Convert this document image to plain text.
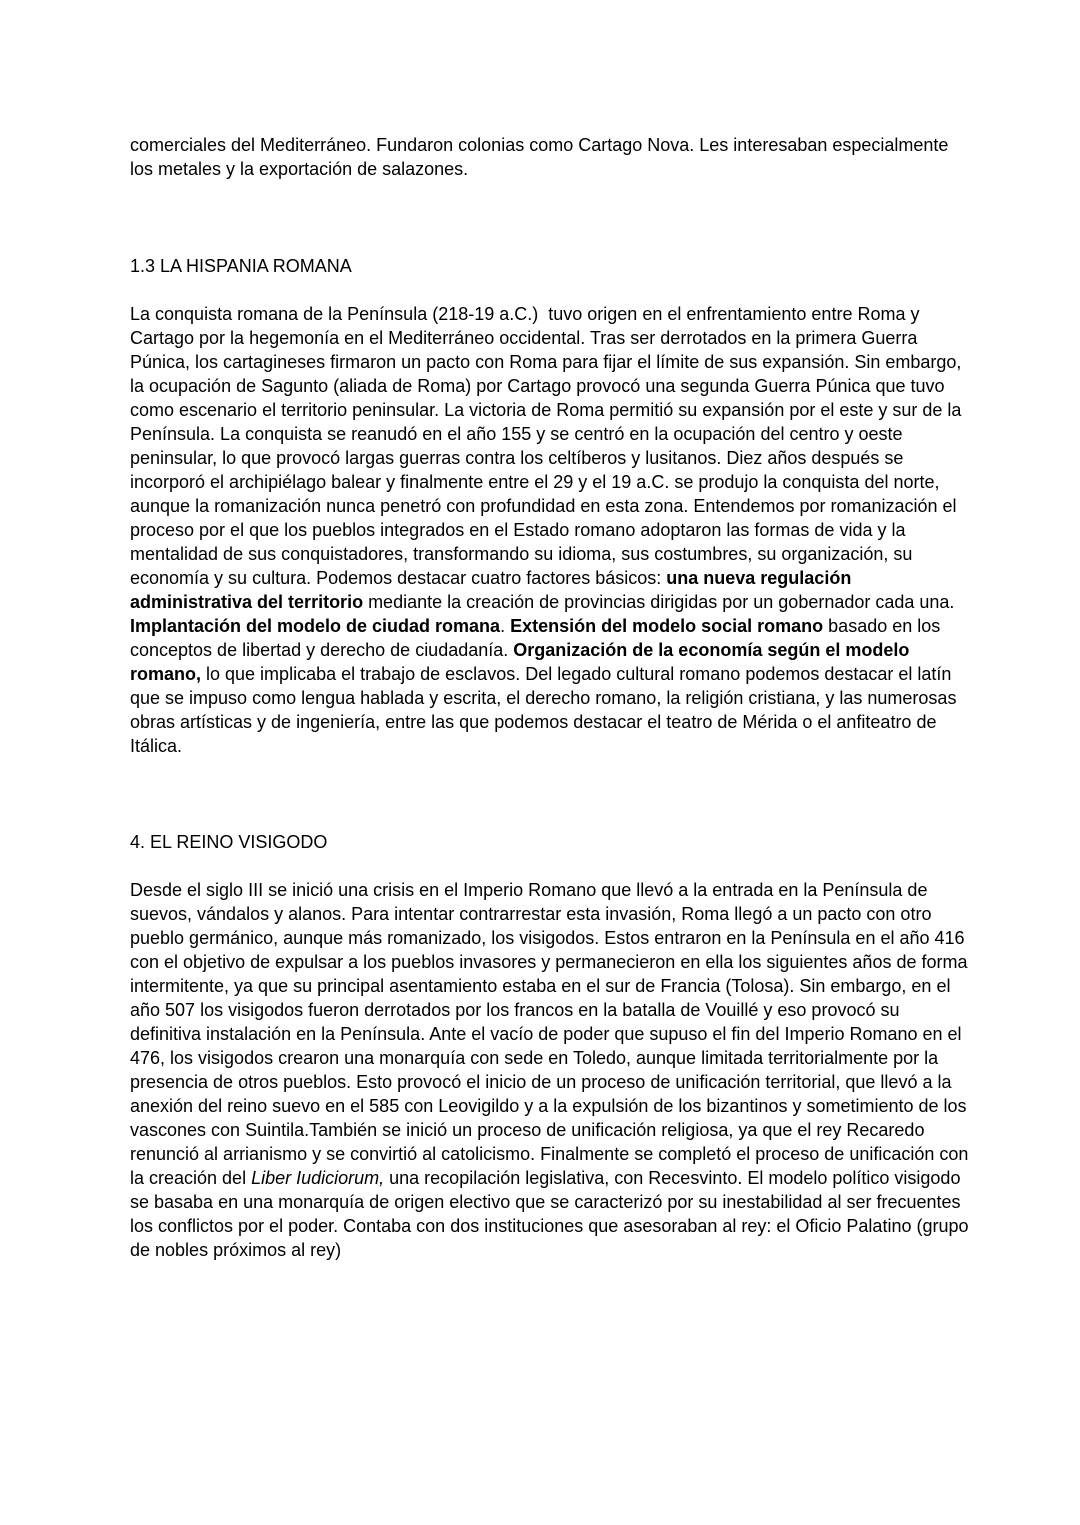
comerciales del Mediterráneo. Fundaron colonias como Cartago Nova. Les interesaban especialmente los metales y la exportación de salazones.

1.3 LA HISPANIA ROMANA

La conquista romana de la Península (218-19 a.C.)  tuvo origen en el enfrentamiento entre Roma y Cartago por la hegemonía en el Mediterráneo occidental. Tras ser derrotados en la primera Guerra Púnica, los cartagineses firmaron un pacto con Roma para fijar el límite de sus expansión. Sin embargo, la ocupación de Sagunto (aliada de Roma) por Cartago provocó una segunda Guerra Púnica que tuvo como escenario el territorio peninsular. La victoria de Roma permitió su expansión por el este y sur de la Península. La conquista se reanudó en el año 155 y se centró en la ocupación del centro y oeste peninsular, lo que provocó largas guerras contra los celtíberos y lusitanos. Diez años después se incorporó el archipiélago balear y finalmente entre el 29 y el 19 a.C. se produjo la conquista del norte, aunque la romanización nunca penetró con profundidad en esta zona. Entendemos por romanización el proceso por el que los pueblos integrados en el Estado romano adoptaron las formas de vida y la mentalidad de sus conquistadores, transformando su idioma, sus costumbres, su organización, su economía y su cultura. Podemos destacar cuatro factores básicos: una nueva regulación administrativa del territorio mediante la creación de provincias dirigidas por un gobernador cada una. Implantación del modelo de ciudad romana. Extensión del modelo social romano basado en los conceptos de libertad y derecho de ciudadanía. Organización de la economía según el modelo romano, lo que implicaba el trabajo de esclavos. Del legado cultural romano podemos destacar el latín que se impuso como lengua hablada y escrita, el derecho romano, la religión cristiana, y las numerosas obras artísticas y de ingeniería, entre las que podemos destacar el teatro de Mérida o el anfiteatro de Itálica.

4. EL REINO VISIGODO

Desde el siglo III se inició una crisis en el Imperio Romano que llevó a la entrada en la Península de suevos, vándalos y alanos. Para intentar contrarrestar esta invasión, Roma llegó a un pacto con otro pueblo germánico, aunque más romanizado, los visigodos. Estos entraron en la Península en el año 416 con el objetivo de expulsar a los pueblos invasores y permanecieron en ella los siguientes años de forma intermitente, ya que su principal asentamiento estaba en el sur de Francia (Tolosa). Sin embargo, en el año 507 los visigodos fueron derrotados por los francos en la batalla de Vouillé y eso provocó su definitiva instalación en la Península. Ante el vacío de poder que supuso el fin del Imperio Romano en el 476, los visigodos crearon una monarquía con sede en Toledo, aunque limitada territorialmente por la presencia de otros pueblos. Esto provocó el inicio de un proceso de unificación territorial, que llevó a la anexión del reino suevo en el 585 con Leovigildo y a la expulsión de los bizantinos y sometimiento de los vascones con Suintila.También se inició un proceso de unificación religiosa, ya que el rey Recaredo renunció al arrianismo y se convirtió al catolicismo. Finalmente se completó el proceso de unificación con la creación del Liber Iudiciorum, una recopilación legislativa, con Recesvinto. El modelo político visigodo se basaba en una monarquía de origen electivo que se caracterizó por su inestabilidad al ser frecuentes los conflictos por el poder. Contaba con dos instituciones que asesoraban al rey: el Oficio Palatino (grupo de nobles próximos al rey)
